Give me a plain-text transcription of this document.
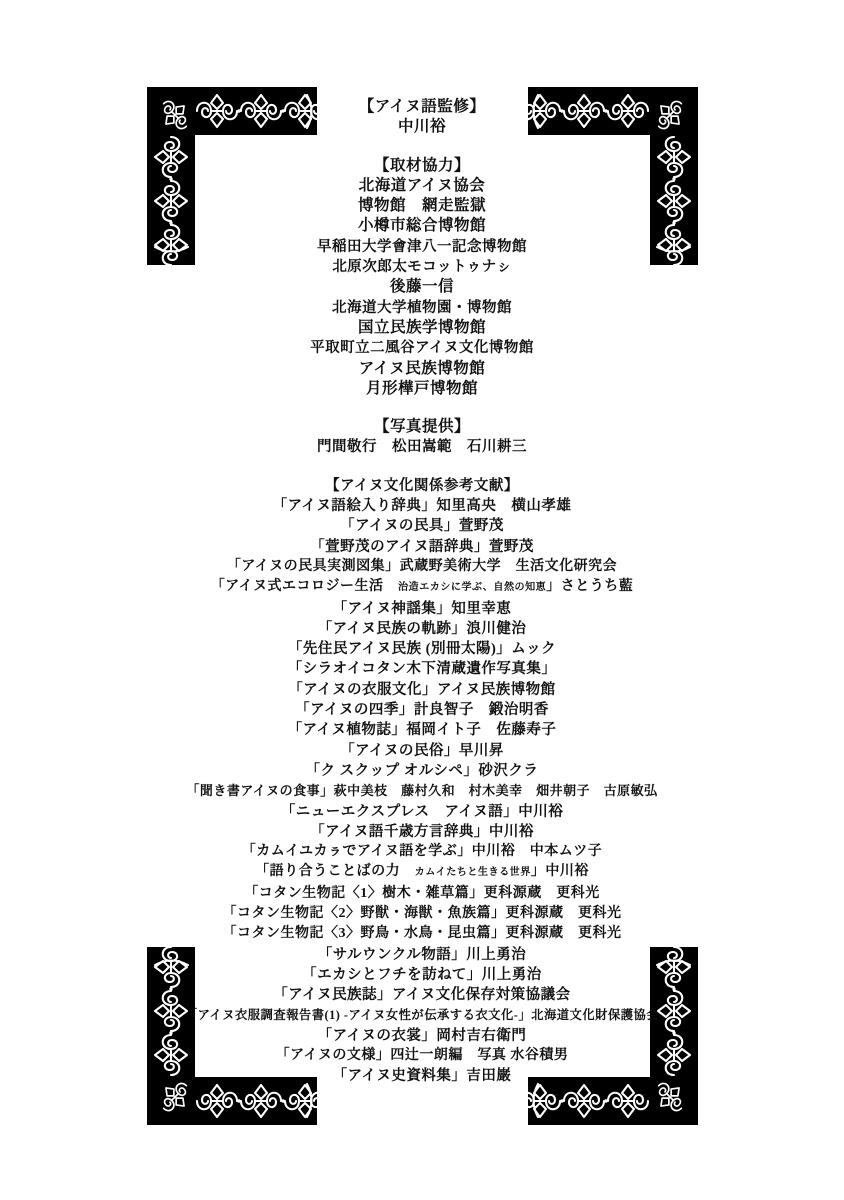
【アイヌ語監修】
中川裕
【取材協力】
北海道アイヌ協会
博物館　網走監獄
小樽市総合博物館
早稲田大学會津八一記念博物館
北原次郎太モコットゥナㇱ
後藤一信
北海道大学植物園・博物館
国立民族学博物館
平取町立二風谷アイヌ文化博物館
アイヌ民族博物館
月形樺戸博物館
【写真提供】
門間敬行　松田嵩範　石川耕三
【アイヌ文化関係参考文献】
「アイヌ語絵入り辞典」知里高央　横山孝雄
「アイヌの民具」萱野茂
「萱野茂のアイヌ語辞典」萱野茂
「アイヌの民具実測図集」武蔵野美術大学　生活文化研究会
「アイヌ式エコロジー生活　治造エカシに学ぶ、自然の知恵」さとうち藍
「アイヌ神謡集」知里幸恵
「アイヌ民族の軌跡」浪川健治
「先住民アイヌ民族 (別冊太陽)」ムック
「シラオイコタン木下清蔵遺作写真集」
「アイヌの衣服文化」アイヌ民族博物館
「アイヌの四季」計良智子　鍛治明香
「アイヌ植物誌」福岡イト子　佐藤寿子
「アイヌの民俗」早川昇
「ク スクップ オルシペ」砂沢クラ
「聞き書アイヌの食事」萩中美枝　藤村久和　村木美幸　畑井朝子　古原敏弘
「ニューエクスプレス　アイヌ語」中川裕
「アイヌ語千歳方言辞典」中川裕
「カムイユカㇻでアイヌ語を学ぶ」中川裕　中本ムツ子
「語り合うことばの力　カムイたちと生きる世界」中川裕
「コタン生物記〈1〉樹木・雑草篇」更科源蔵　更科光
「コタン生物記〈2〉野獣・海獣・魚族篇」更科源蔵　更科光
「コタン生物記〈3〉野鳥・水鳥・昆虫篇」更科源蔵　更科光
「サルウンクル物語」川上勇治
「エカシとフチを訪ねて」川上勇治
「アイヌ民族誌」アイヌ文化保存対策協議会
「アイヌ衣服調査報告書(1) -アイヌ女性が伝承する衣文化-」北海道文化財保護協会
「アイヌの衣裳」岡村吉右衛門
「アイヌの文様」四辻一朗編　写真 水谷積男
「アイヌ史資料集」吉田巌
